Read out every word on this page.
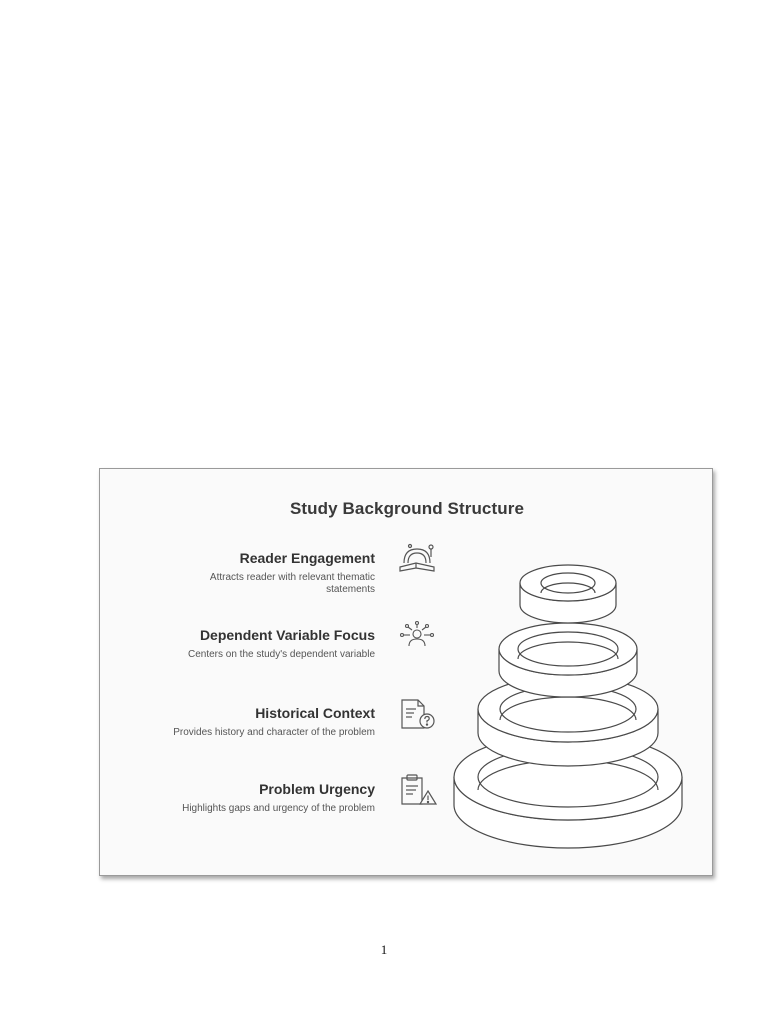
Study Background Structure
Reader Engagement
Attracts reader with relevant thematic statements
Dependent Variable Focus
Centers on the study's dependent variable
Historical Context
Provides history and character of the problem
Problem Urgency
Highlights gaps and urgency of the problem
1
